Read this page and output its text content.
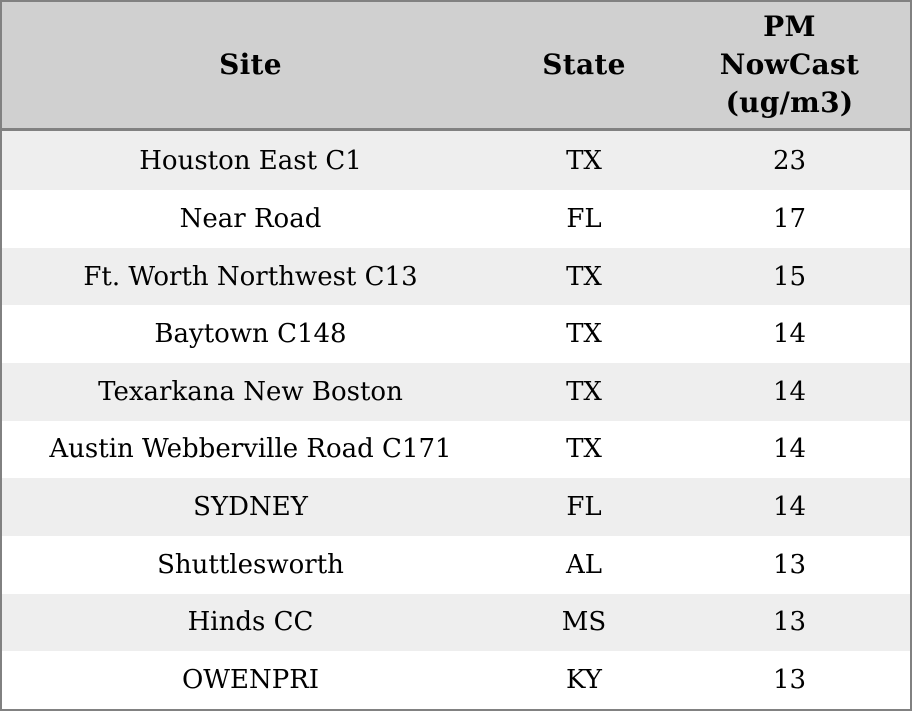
Site	State	PM
NowCast
(ug/m3)

Houston East C1	TX	23
Near Road	FL	17
Ft. Worth Northwest C13	TX	15
Baytown C148	TX	14
Texarkana New Boston	TX	14
Austin Webberville Road C171	TX	14
SYDNEY	FL	14
Shuttlesworth	AL	13
Hinds CC	MS	13
OWENPRI	KY	13
